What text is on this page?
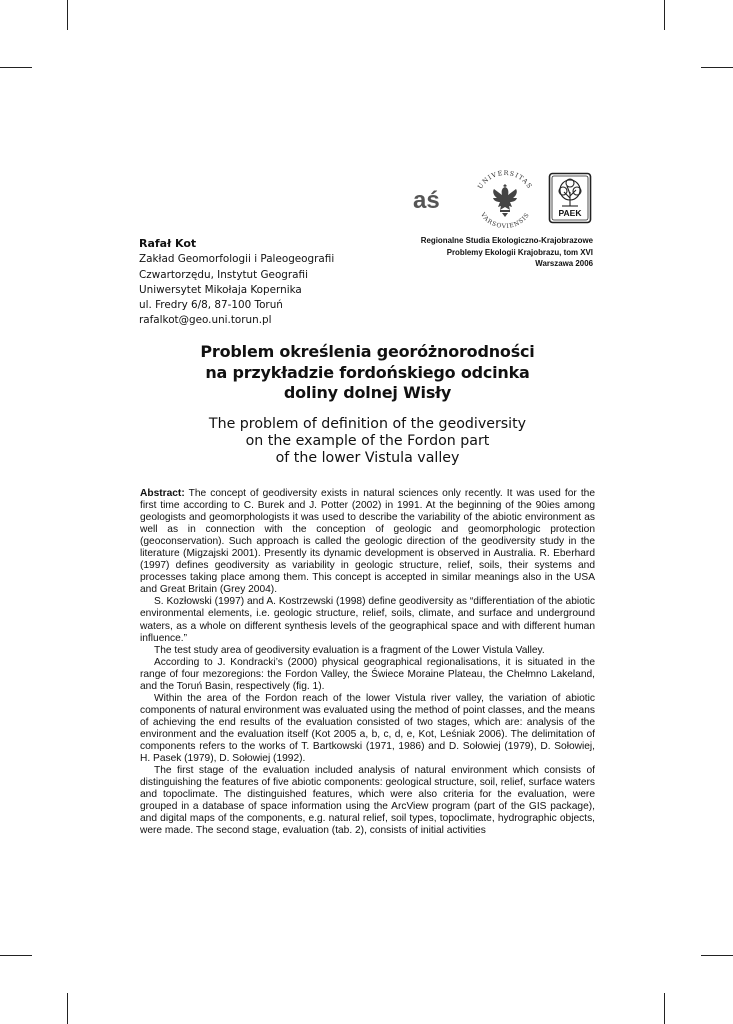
aś
UNIVERSITAS
VARSOVIENSIS	PAEK
Regionalne Studia Ekologiczno-Krajobrazowe
Problemy Ekologii Krajobrazu, tom XVI
Warszawa 2006
Rafał Kot
Zakład Geomorfologii i Paleogeografii
Czwartorzędu, Instytut Geografii
Uniwersytet Mikołaja Kopernika
ul. Fredry 6/8, 87-100 Toruń
rafalkot@geo.uni.torun.pl
Problem określenia georóżnorodności
na przykładzie fordońskiego odcinka
doliny dolnej Wisły
The problem of definition of the geodiversity
on the example of the Fordon part
of the lower Vistula valley

Abstract: The concept of geodiversity exists in natural sciences only recently. It was used for the first time according to C. Burek and J. Potter (2002) in 1991. At the beginning of the 90ies among geologists and geomorphologists it was used to describe the variability of the abiotic environment as well as in connection with the conception of geologic and geomorphologic protection (geoconservation). Such approach is called the geologic direction of the geodiversity study in the literature (Migzajski 2001). Presently its dynamic development is observed in Australia. R. Eberhard (1997) defines geodiversity as variability in geologic structure, relief, soils, their systems and processes taking place among them. This concept is accepted in similar meanings also in the USA and Great Britain (Grey 2004).

S. Kozłowski (1997) and A. Kostrzewski (1998) define geodiversity as “differentiation of the abiotic environmental elements, i.e. geologic structure, relief, soils, climate, and surface and underground waters, as a whole on different synthesis levels of the geographical space and with different human influence.”

The test study area of geodiversity evaluation is a fragment of the Lower Vistula Valley.

According to J. Kondracki’s (2000) physical geographical regionalisations, it is situated in the range of four mezoregions: the Fordon Valley, the Świece Moraine Plateau, the Chełmno Lakeland, and the Toruń Basin, respectively (fig. 1).

Within the area of the Fordon reach of the lower Vistula river valley, the variation of abiotic components of natural environment was evaluated using the method of point classes, and the means of achieving the end results of the evaluation consisted of two stages, which are: analysis of the environment and the evaluation itself (Kot 2005 a, b, c, d, e, Kot, Leśniak 2006). The delimitation of components refers to the works of T. Bartkowski (1971, 1986) and D. Sołowiej (1979), D. Sołowiej, H. Pasek (1979), D. Sołowiej (1992).

The first stage of the evaluation included analysis of natural environment which consists of distinguishing the features of five abiotic components: geological structure, soil, relief, surface waters and topoclimate. The distinguished features, which were also criteria for the evaluation, were grouped in a database of space information using the ArcView program (part of the GIS package), and digital maps of the components, e.g. natural relief, soil types, topoclimate, hydrographic objects, were made. The second stage, evaluation (tab. 2), consists of initial activities
